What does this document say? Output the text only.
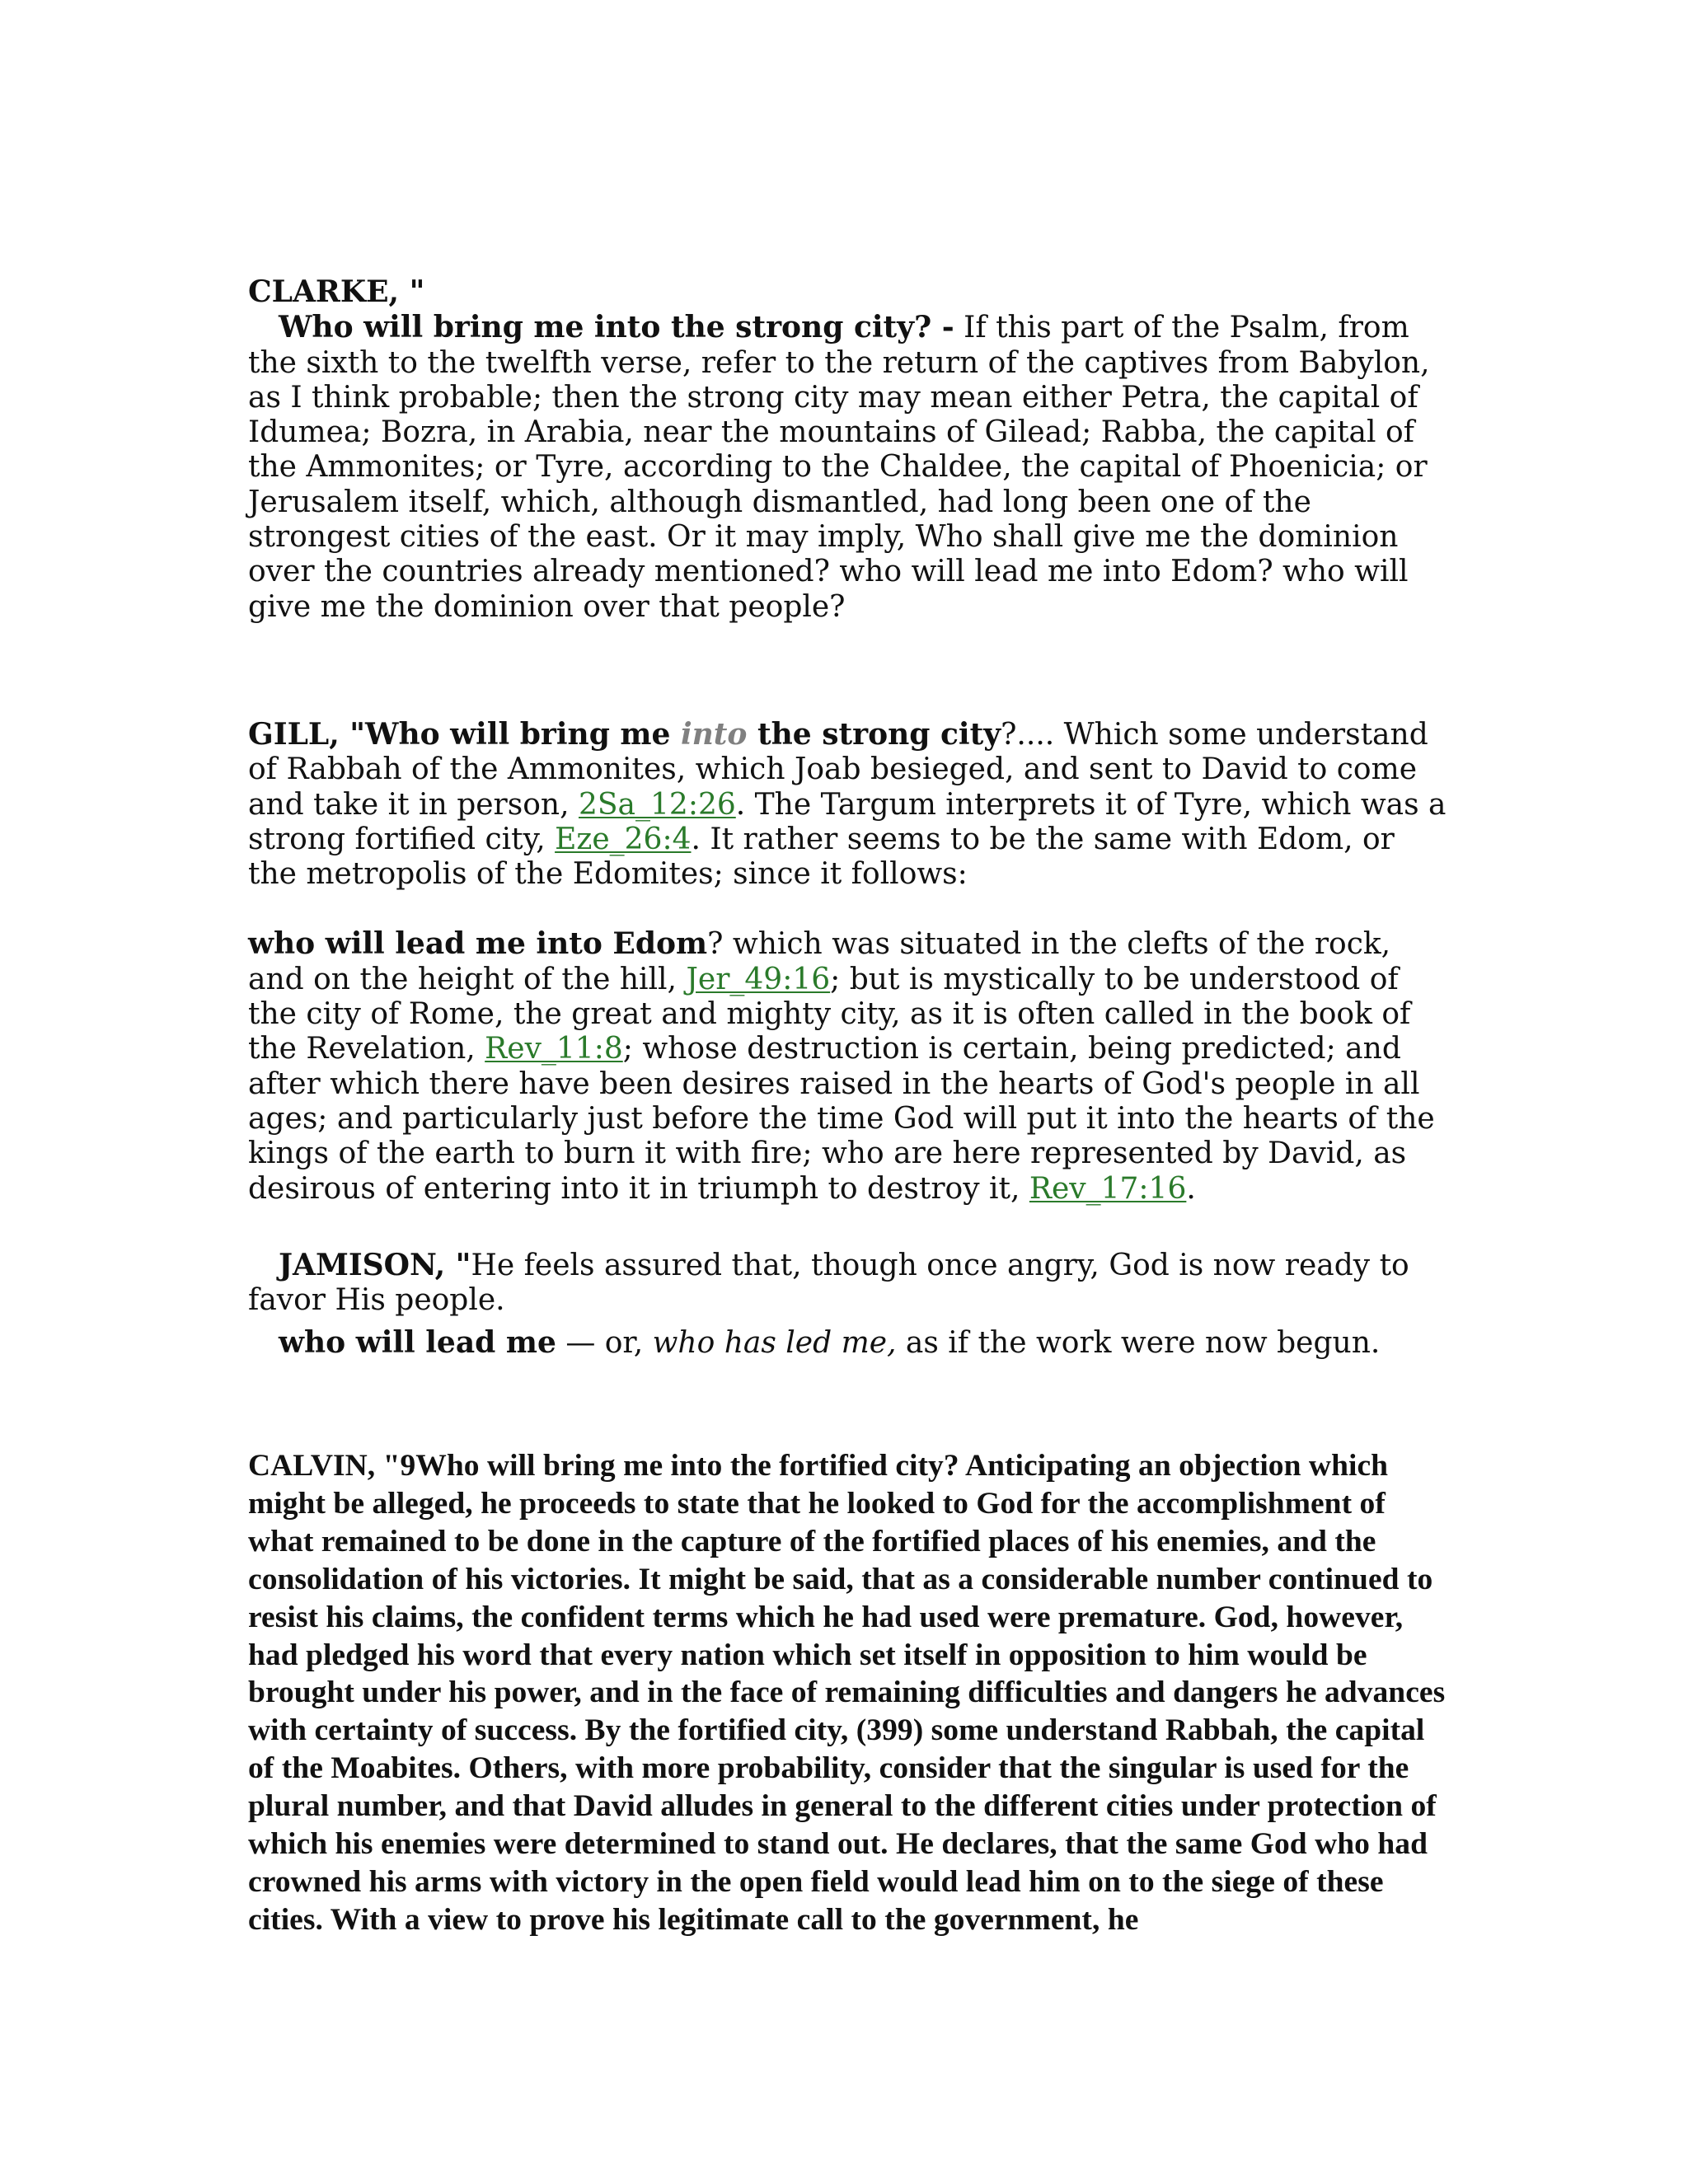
CLARKE, "

Who will bring me into the strong city? - If this part of the Psalm, from the sixth to the twelfth verse, refer to the return of the captives from Babylon, as I think probable; then the strong city may mean either Petra, the capital of Idumea; Bozra, in Arabia, near the mountains of Gilead; Rabba, the capital of the Ammonites; or Tyre, according to the Chaldee, the capital of Phoenicia; or Jerusalem itself, which, although dismantled, had long been one of the strongest cities of the east. Or it may imply, Who shall give me the dominion over the countries already mentioned? who will lead me into Edom? who will give me the dominion over that people?

GILL, "Who will bring me into the strong city?.... Which some understand of Rabbah of the Ammonites, which Joab besieged, and sent to David to come and take it in person, 2Sa_12:26. The Targum interprets it of Tyre, which was a strong fortified city, Eze_26:4. It rather seems to be the same with Edom, or the metropolis of the Edomites; since it follows:

who will lead me into Edom? which was situated in the clefts of the rock, and on the height of the hill, Jer_49:16; but is mystically to be understood of the city of Rome, the great and mighty city, as it is often called in the book of the Revelation, Rev_11:8; whose destruction is certain, being predicted; and after which there have been desires raised in the hearts of God's people in all ages; and particularly just before the time God will put it into the hearts of the kings of the earth to burn it with fire; who are here represented by David, as desirous of entering into it in triumph to destroy it, Rev_17:16.

JAMISON, "He feels assured that, though once angry, God is now ready to favor His people.

who will lead me — or, who has led me, as if the work were now begun.

CALVIN, "9Who will bring me into the fortified city? Anticipating an objection which might be alleged, he proceeds to state that he looked to God for the accomplishment of what remained to be done in the capture of the fortified places of his enemies, and the consolidation of his victories. It might be said, that as a considerable number continued to resist his claims, the confident terms which he had used were premature. God, however, had pledged his word that every nation which set itself in opposition to him would be brought under his power, and in the face of remaining difficulties and dangers he advances with certainty of success. By the fortified city, (399) some understand Rabbah, the capital of the Moabites. Others, with more probability, consider that the singular is used for the plural number, and that David alludes in general to the different cities under protection of which his enemies were determined to stand out. He declares, that the same God who had crowned his arms with victory in the open field would lead him on to the siege of these cities. With a view to prove his legitimate call to the government, he
